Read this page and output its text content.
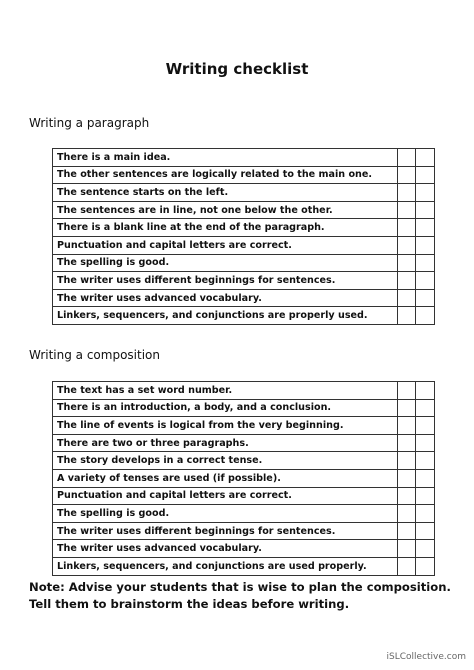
Writing checklist
Writing a paragraph
There is a main idea.		
The other sentences are logically related to the main one.		
The sentence starts on the left.		
The sentences are in line, not one below the other.		
There is a blank line at the end of the paragraph.		
Punctuation and capital letters are correct.		
The spelling is good.		
The writer uses different beginnings for sentences.		
The writer uses advanced vocabulary.		
Linkers, sequencers, and conjunctions are properly used.		
Writing a composition
The text has a set word number.		
There is an introduction, a body, and a conclusion.		
The line of events is logical from the very beginning.		
There are two or three paragraphs.		
The story develops in a correct tense.		
A variety of tenses are used (if possible).		
Punctuation and capital letters are correct.		
The spelling is good.		
The writer uses different beginnings for sentences.		
The writer uses advanced vocabulary.		
Linkers, sequencers, and conjunctions are used properly.		
Note: Advise your students that is wise to plan the composition.
Tell them to brainstorm the ideas before writing.
iSLCollective.com
